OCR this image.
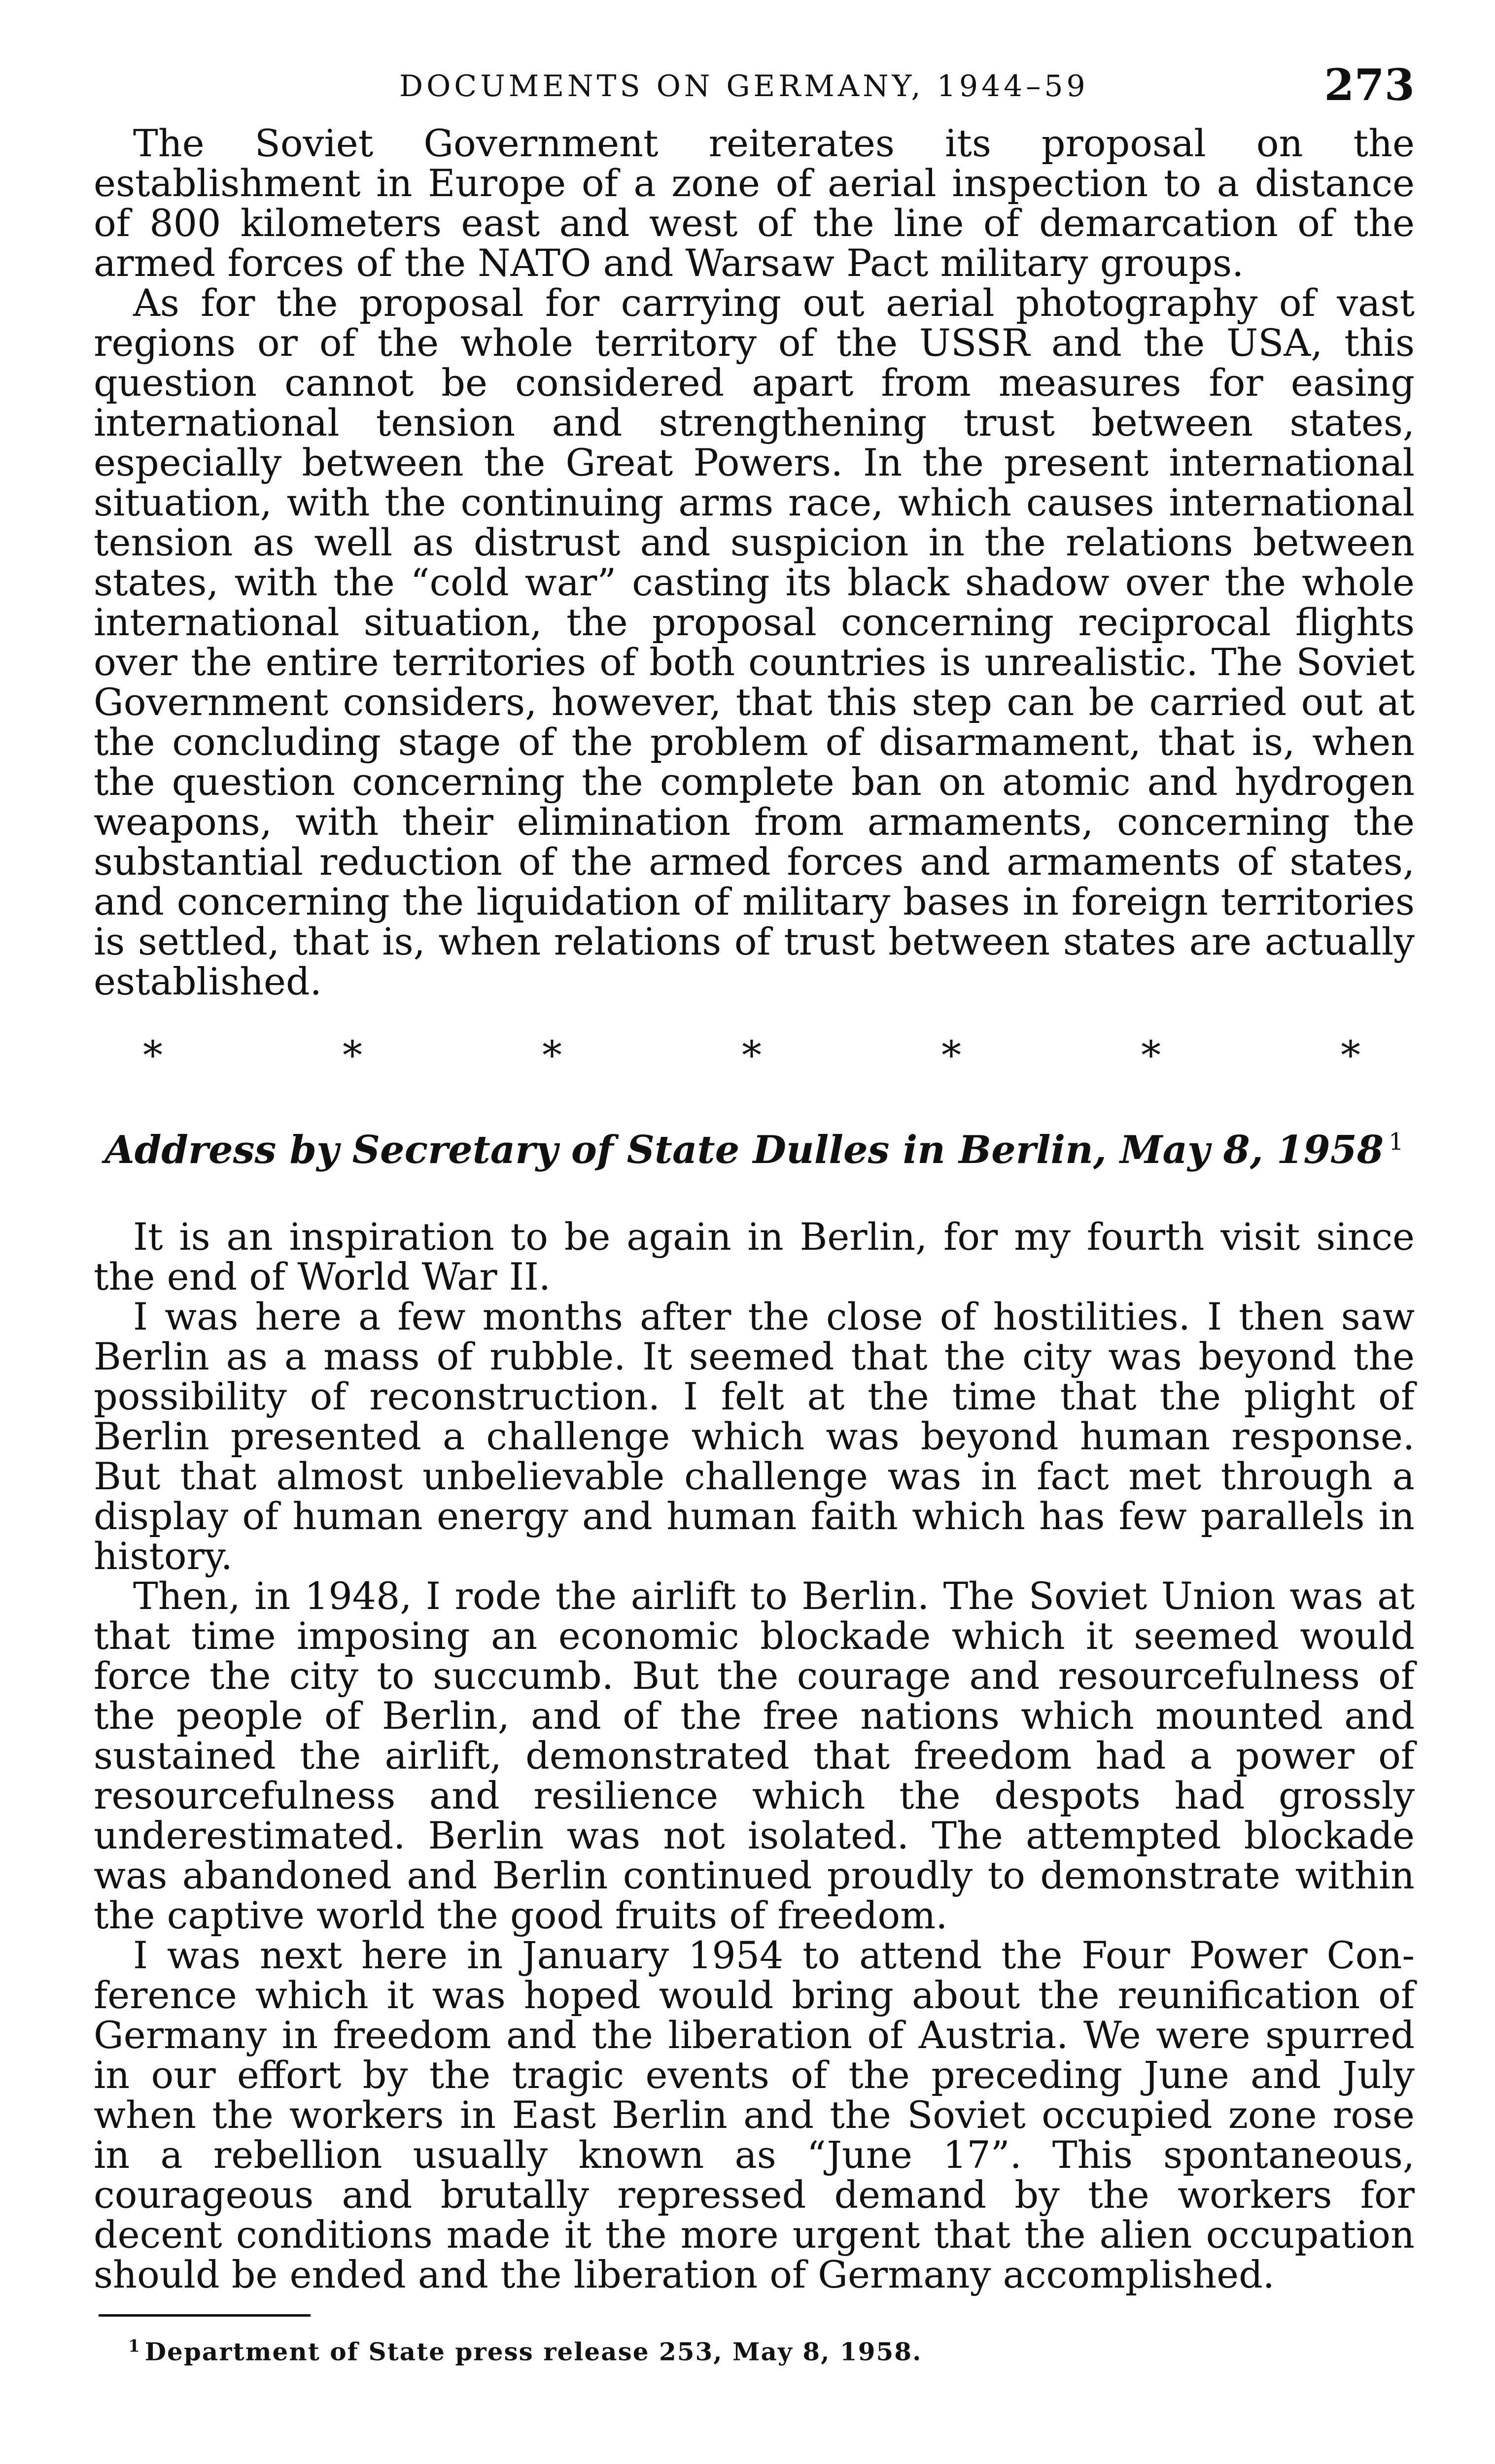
DOCUMENTS ON GERMANY, 1944–59	273

The Soviet Government reiterates its proposal on the establishment in Europe of a zone of aerial inspection to a distance of 800 kilometers east and west of the line of demarcation of the armed forces of the NATO and Warsaw Pact military groups.

As for the proposal for carrying out aerial photography of vast regions or of the whole territory of the USSR and the USA, this question cannot be considered apart from measures for easing international tension and strengthening trust between states, especially between the Great Powers. In the present international situation, with the continuing arms race, which causes international tension as well as distrust and suspicion in the relations between states, with the “cold war” casting its black shadow over the whole international situation, the proposal concerning reciprocal flights over the entire territories of both countries is unrealistic. The Soviet Government considers, however, that this step can be carried out at the concluding stage of the problem of disarmament, that is, when the question concerning the complete ban on atomic and hydrogen weapons, with their elimination from armaments, concerning the substantial reduction of the armed forces and armaments of states, and concerning the liquidation of military bases in foreign territories is settled, that is, when relations of trust between states are actually established.

*	*	*	*	*	*	*
Address by Secretary of State Dulles in Berlin, May 8, 1958 $^1$

It is an inspiration to be again in Berlin, for my fourth visit since the end of World War II.

I was here a few months after the close of hostilities. I then saw Berlin as a mass of rubble. It seemed that the city was beyond the possibility of reconstruction. I felt at the time that the plight of Berlin presented a challenge which was beyond human response. But that almost unbelievable challenge was in fact met through a display of human energy and human faith which has few parallels in history.

Then, in 1948, I rode the airlift to Berlin. The Soviet Union was at that time imposing an economic blockade which it seemed would force the city to succumb. But the courage and resourcefulness of the people of Berlin, and of the free nations which mounted and sustained the airlift, demonstrated that freedom had a power of resourcefulness and resilience which the despots had grossly underestimated. Berlin was not isolated. The attempted blockade was abandoned and Berlin continued proudly to demonstrate within the captive world the good fruits of freedom.

I was next here in January 1954 to attend the Four Power Conference which it was hoped would bring about the reunification of Germany in freedom and the liberation of Austria. We were spurred in our effort by the tragic events of the preceding June and July when the workers in East Berlin and the Soviet occupied zone rose in a rebellion usually known as “June 17”. This spontaneous, courageous and brutally repressed demand by the workers for decent conditions made it the more urgent that the alien occupation should be ended and the liberation of Germany accomplished.

$^1$ Department of State press release 253, May 8, 1958.
